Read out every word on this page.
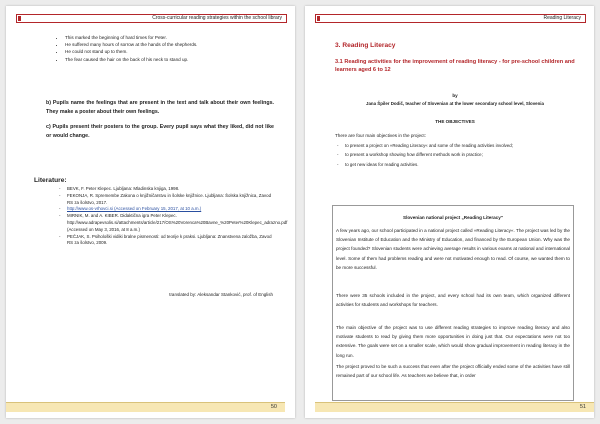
Cross-curricular reading strategies within the school library
• This marked the beginning of hard times for Peter.
• He suffered many hours of sorrow at the hands of the shepherds.
• He could not stand up to them.
• The fear caused the hair on the back of his neck to stand up.
b) Pupils name the feelings that are present in the text and talk about their own feelings. They make a poster about their own feelings.
c) Pupils present their posters to the group. Every pupil says what they liked, did not like or would change.
Literature:
- BEVK, F. Peter Klepec. Ljubljana: Mladinska knjiga, 1998.
- FEKONJA, R. Spremembe Zakona o knjižničarstvu in šolske knjižnice. Ljubljana: Šolska knjižnica, Zavod RS za šolstvo, 2017.
- http://www.os-vrhovci.si (Accessed on February 15, 2017, at 10 a.m.)
- MIRNIK, M. and A. KIBER. Didaktična igra Peter Klepec. http://www.adrapevsolis.si/attachments/article/217/OS%20Vorenca%20Bavne_%20Peter%20Klepec_adrazno.pdf (Accessed on May 3, 2016, at 8 a.m.)
- PEČJAK, S. Psihološki vidiki bralne pismenosti: od teorije k praksi. Ljubljana: Znanstvena založba, Zavod RS za šolstvo, 2009.
translated by: Aleksandar Stanković, prof. of English
50
Reading Literacy
3. Reading Literacy
3.1 Reading activities for the improvement of reading literacy - for pre-school children and learners aged 6 to 12
by
Jana Špiler Dodič, teacher of Slovenian at the lower secondary school level, Slovenia
THE OBJECTIVES
There are four main objectives in the project:
- to present a project on »Reading Literacy« and some of the reading activities involved;
- to present a workshop showing how different methods work in practice;
- to get new ideas for reading activities.
Slovenian national project „Reading Literacy"
A few years ago, our school participated in a national project called »Reading Literacy«. The project was led by the Slovenian Institute of Education and the Ministry of Education, and financed by the European Union. Why was the project founded? Slovenian students were achieving average results in various exams at national and international level. Some of them had problems reading and were not motivated enough to read. Of course, we wanted them to be more successful.
There were 35 schools included in the project, and every school had its own team, which organized different activities for students and workshops for teachers.
The main objective of the project was to use different reading strategies to improve reading literacy and also motivate students to read by giving them more opportunities in doing just that. Our expectations were not too extensive. The goals were set on a smaller scale, which would show gradual improvement in reading literacy in the long run.
The project proved to be such a success that even after the project officially ended some of the activities have still remained part of our school life. As teachers we believe that, in order
51
